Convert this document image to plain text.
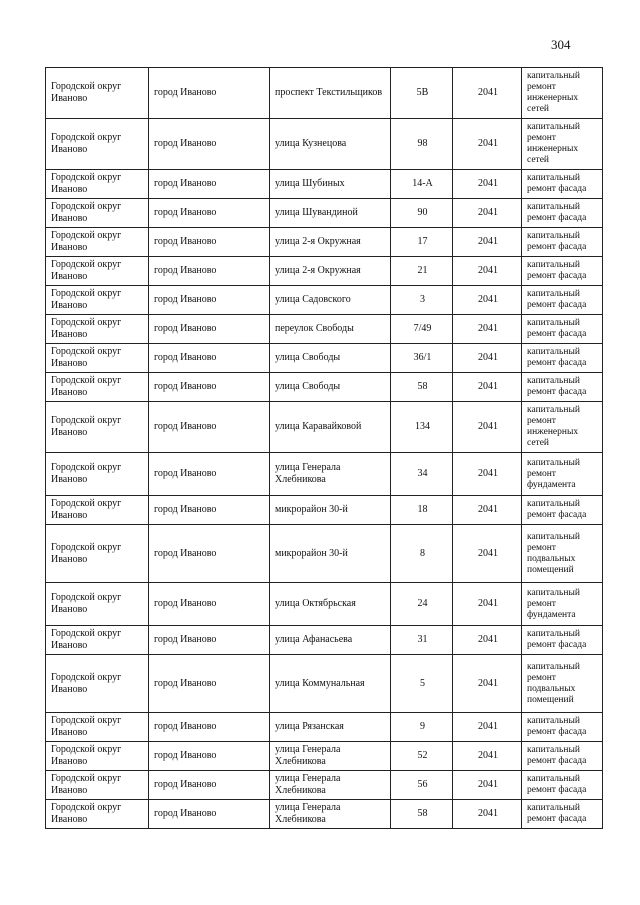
304
Городской округ Иваново	город Иваново	проспект Текстильщиков	5В	2041	капитальный ремонт инженерных сетей
Городской округ Иваново	город Иваново	улица Кузнецова	98	2041	капитальный ремонт инженерных сетей
Городской округ Иваново	город Иваново	улица Шубиных	14-А	2041	капитальный ремонт фасада
Городской округ Иваново	город Иваново	улица Шувандиной	90	2041	капитальный ремонт фасада
Городской округ Иваново	город Иваново	улица 2-я Окружная	17	2041	капитальный ремонт фасада
Городской округ Иваново	город Иваново	улица 2-я Окружная	21	2041	капитальный ремонт фасада
Городской округ Иваново	город Иваново	улица Садовского	3	2041	капитальный ремонт фасада
Городской округ Иваново	город Иваново	переулок Свободы	7/49	2041	капитальный ремонт фасада
Городской округ Иваново	город Иваново	улица Свободы	36/1	2041	капитальный ремонт фасада
Городской округ Иваново	город Иваново	улица Свободы	58	2041	капитальный ремонт фасада
Городской округ Иваново	город Иваново	улица Каравайковой	134	2041	капитальный ремонт инженерных сетей
Городской округ Иваново	город Иваново	улица Генерала Хлебникова	34	2041	капитальный ремонт фундамента
Городской округ Иваново	город Иваново	микрорайон 30-й	18	2041	капитальный ремонт фасада
Городской округ Иваново	город Иваново	микрорайон 30-й	8	2041	капитальный ремонт подвальных помещений
Городской округ Иваново	город Иваново	улица Октябрьская	24	2041	капитальный ремонт фундамента
Городской округ Иваново	город Иваново	улица Афанасьева	31	2041	капитальный ремонт фасада
Городской округ Иваново	город Иваново	улица Коммунальная	5	2041	капитальный ремонт подвальных помещений
Городской округ Иваново	город Иваново	улица Рязанская	9	2041	капитальный ремонт фасада
Городской округ Иваново	город Иваново	улица Генерала Хлебникова	52	2041	капитальный ремонт фасада
Городской округ Иваново	город Иваново	улица Генерала Хлебникова	56	2041	капитальный ремонт фасада
Городской округ Иваново	город Иваново	улица Генерала Хлебникова	58	2041	капитальный ремонт фасада
